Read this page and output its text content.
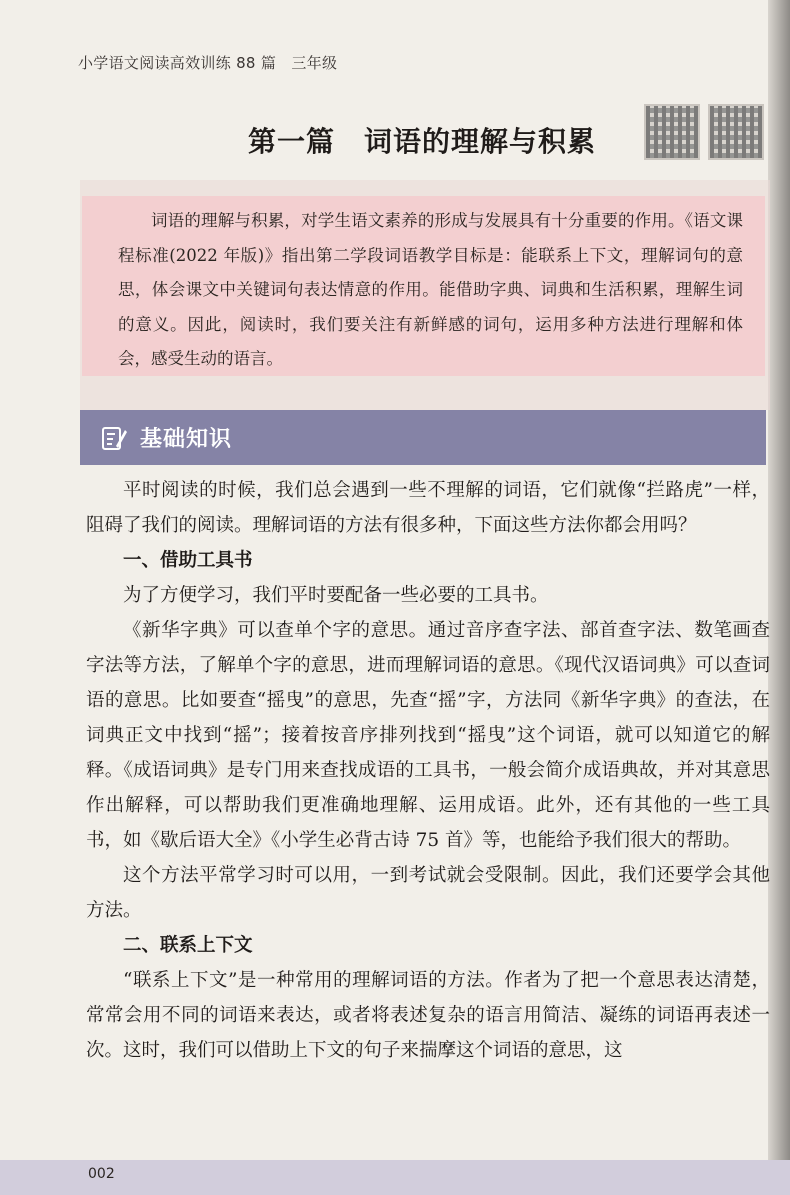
小学语文阅读高效训练 88 篇　三年级
第一篇　词语的理解与积累
词语的理解与积累，对学生语文素养的形成与发展具有十分重要的作用。《语文课程标准(2022 年版)》指出第二学段词语教学目标是：能联系上下文，理解词句的意思，体会课文中关键词句表达情意的作用。能借助字典、词典和生活积累，理解生词的意义。因此，阅读时，我们要关注有新鲜感的词句，运用多种方法进行理解和体会，感受生动的语言。
基础知识

平时阅读的时候，我们总会遇到一些不理解的词语，它们就像“拦路虎”一样，阻碍了我们的阅读。理解词语的方法有很多种，下面这些方法你都会用吗？

一、借助工具书

为了方便学习，我们平时要配备一些必要的工具书。

《新华字典》可以查单个字的意思。通过音序查字法、部首查字法、数笔画查字法等方法，了解单个字的意思，进而理解词语的意思。《现代汉语词典》可以查词语的意思。比如要查“摇曳”的意思，先查“摇”字，方法同《新华字典》的查法，在词典正文中找到“摇”；接着按音序排列找到“摇曳”这个词语，就可以知道它的解释。《成语词典》是专门用来查找成语的工具书，一般会简介成语典故，并对其意思作出解释，可以帮助我们更准确地理解、运用成语。此外，还有其他的一些工具书，如《歇后语大全》《小学生必背古诗 75 首》等，也能给予我们很大的帮助。

这个方法平常学习时可以用，一到考试就会受限制。因此，我们还要学会其他方法。

二、联系上下文

“联系上下文”是一种常用的理解词语的方法。作者为了把一个意思表达清楚，常常会用不同的词语来表达，或者将表述复杂的语言用简洁、凝练的词语再表述一次。这时，我们可以借助上下文的句子来揣摩这个词语的意思，这

002
